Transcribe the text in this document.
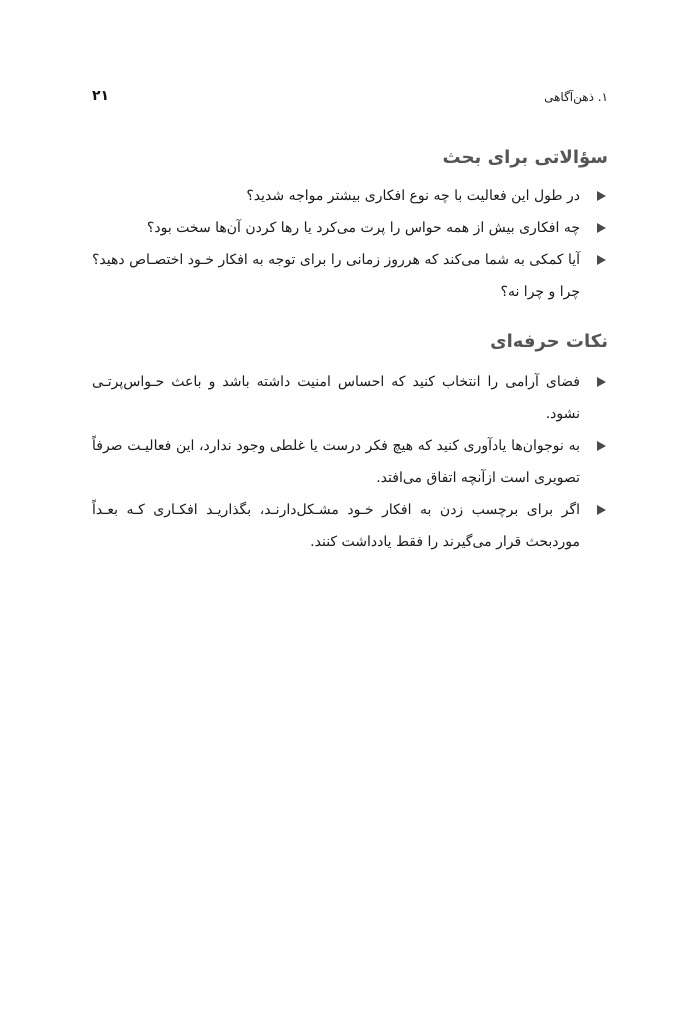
۱. ذهن‌آگاهی
۲۱
سؤالاتی برای بحث
در طول این فعالیت با چه نوع افکاری بیشتر مواجه شدید؟
چه افکاری بیش از همه حواس را پرت می‌کرد یا رها کردن آن‌ها سخت بود؟
آیا کمکی به شما می‌کند که هرروز زمانی را برای توجه به افکار خـود اختصـاص دهید؟ چرا و چرا نه؟
نکات حرفه‌ای
فضای آرامی را انتخاب کنید که احساس امنیت داشته باشد و باعث حـواس‌پرتـی نشود.
به نوجوان‌ها یادآوری کنید که هیچ فکر درست یا غلطی وجود ندارد، این فعالیـت صرفاً تصویری است ازآنچه اتفاق می‌افتد.
اگر برای برچسب زدن به افکار خـود مشـکل‌دارنـد، بگذاریـد افکـاری کـه بعـداً موردبحث قرار می‌گیرند را فقط یادداشت کنند.
